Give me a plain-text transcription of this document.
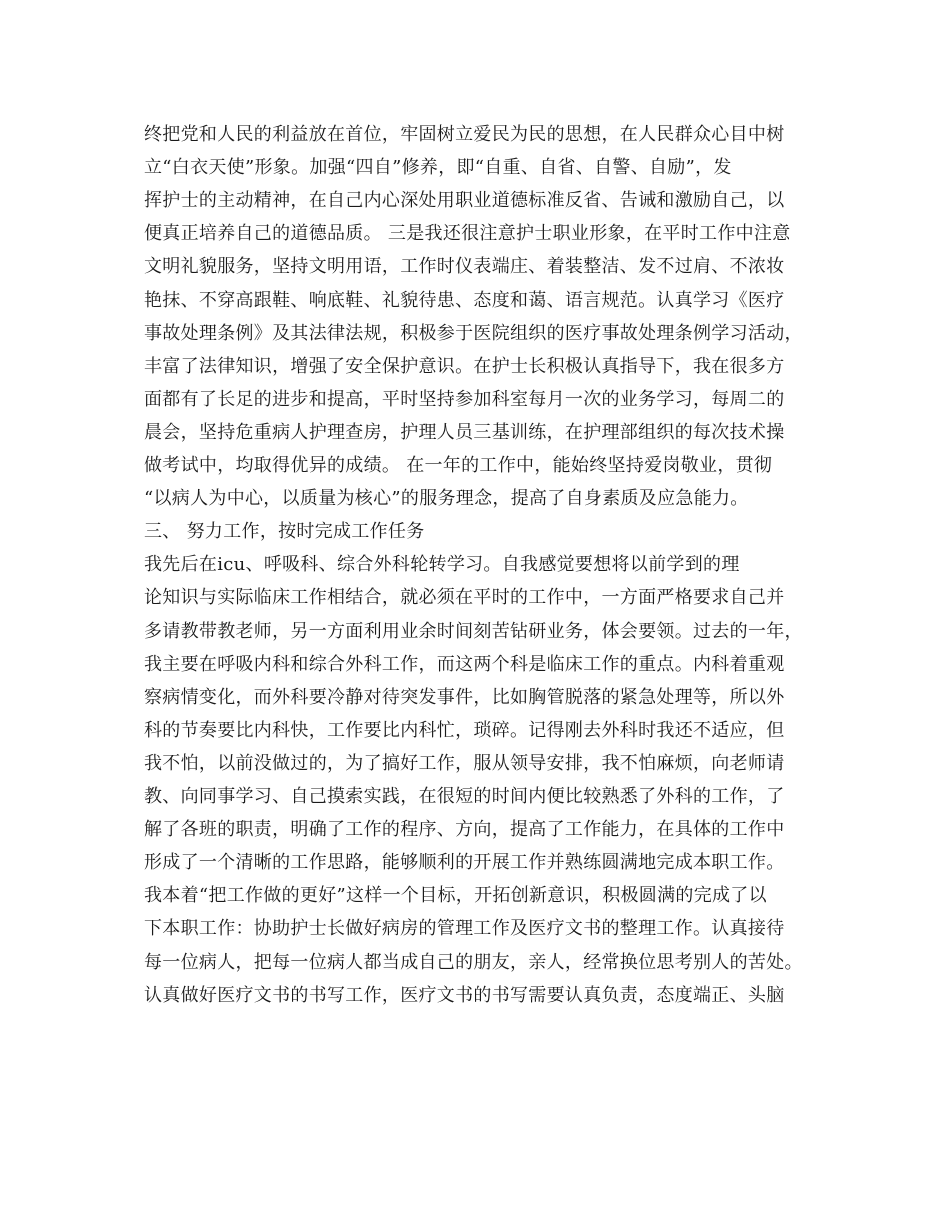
终把党和人民的利益放在首位，牢固树立爱民为民的思想，在人民群众心目中树
立“白衣天使”形象。加强“四自”修养，即“自重、自省、自警、自励”，发
挥护士的主动精神，在自己内心深处用职业道德标准反省、告诫和激励自己，以
便真正培养自己的道德品质。 三是我还很注意护士职业形象，在平时工作中注意
文明礼貌服务，坚持文明用语，工作时仪表端庄、着装整洁、发不过肩、不浓妆
艳抹、不穿高跟鞋、响底鞋、礼貌待患、态度和蔼、语言规范。认真学习《医疗
事故处理条例》及其法律法规，积极参于医院组织的医疗事故处理条例学习活动，
丰富了法律知识，增强了安全保护意识。在护士长积极认真指导下，我在很多方
面都有了长足的进步和提高，平时坚持参加科室每月一次的业务学习，每周二的
晨会，坚持危重病人护理查房，护理人员三基训练，在护理部组织的每次技术操
做考试中，均取得优异的成绩。 在一年的工作中，能始终坚持爱岗敬业，贯彻
“以病人为中心，以质量为核心”的服务理念，提高了自身素质及应急能力。
三、 努力工作，按时完成工作任务
我先后在icu、呼吸科、综合外科轮转学习。自我感觉要想将以前学到的理
论知识与实际临床工作相结合，就必须在平时的工作中，一方面严格要求自己并
多请教带教老师，另一方面利用业余时间刻苦钻研业务，体会要领。过去的一年，
我主要在呼吸内科和综合外科工作，而这两个科是临床工作的重点。内科着重观
察病情变化，而外科要冷静对待突发事件，比如胸管脱落的紧急处理等，所以外
科的节奏要比内科快，工作要比内科忙，琐碎。记得刚去外科时我还不适应，但
我不怕，以前没做过的，为了搞好工作，服从领导安排，我不怕麻烦，向老师请
教、向同事学习、自己摸索实践，在很短的时间内便比较熟悉了外科的工作，了
解了各班的职责，明确了工作的程序、方向，提高了工作能力，在具体的工作中
形成了一个清晰的工作思路，能够顺利的开展工作并熟练圆满地完成本职工作。
我本着“把工作做的更好”这样一个目标，开拓创新意识，积极圆满的完成了以
下本职工作：协助护士长做好病房的管理工作及医疗文书的整理工作。认真接待
每一位病人，把每一位病人都当成自己的朋友，亲人，经常换位思考别人的苦处。
认真做好医疗文书的书写工作，医疗文书的书写需要认真负责，态度端正、头脑
